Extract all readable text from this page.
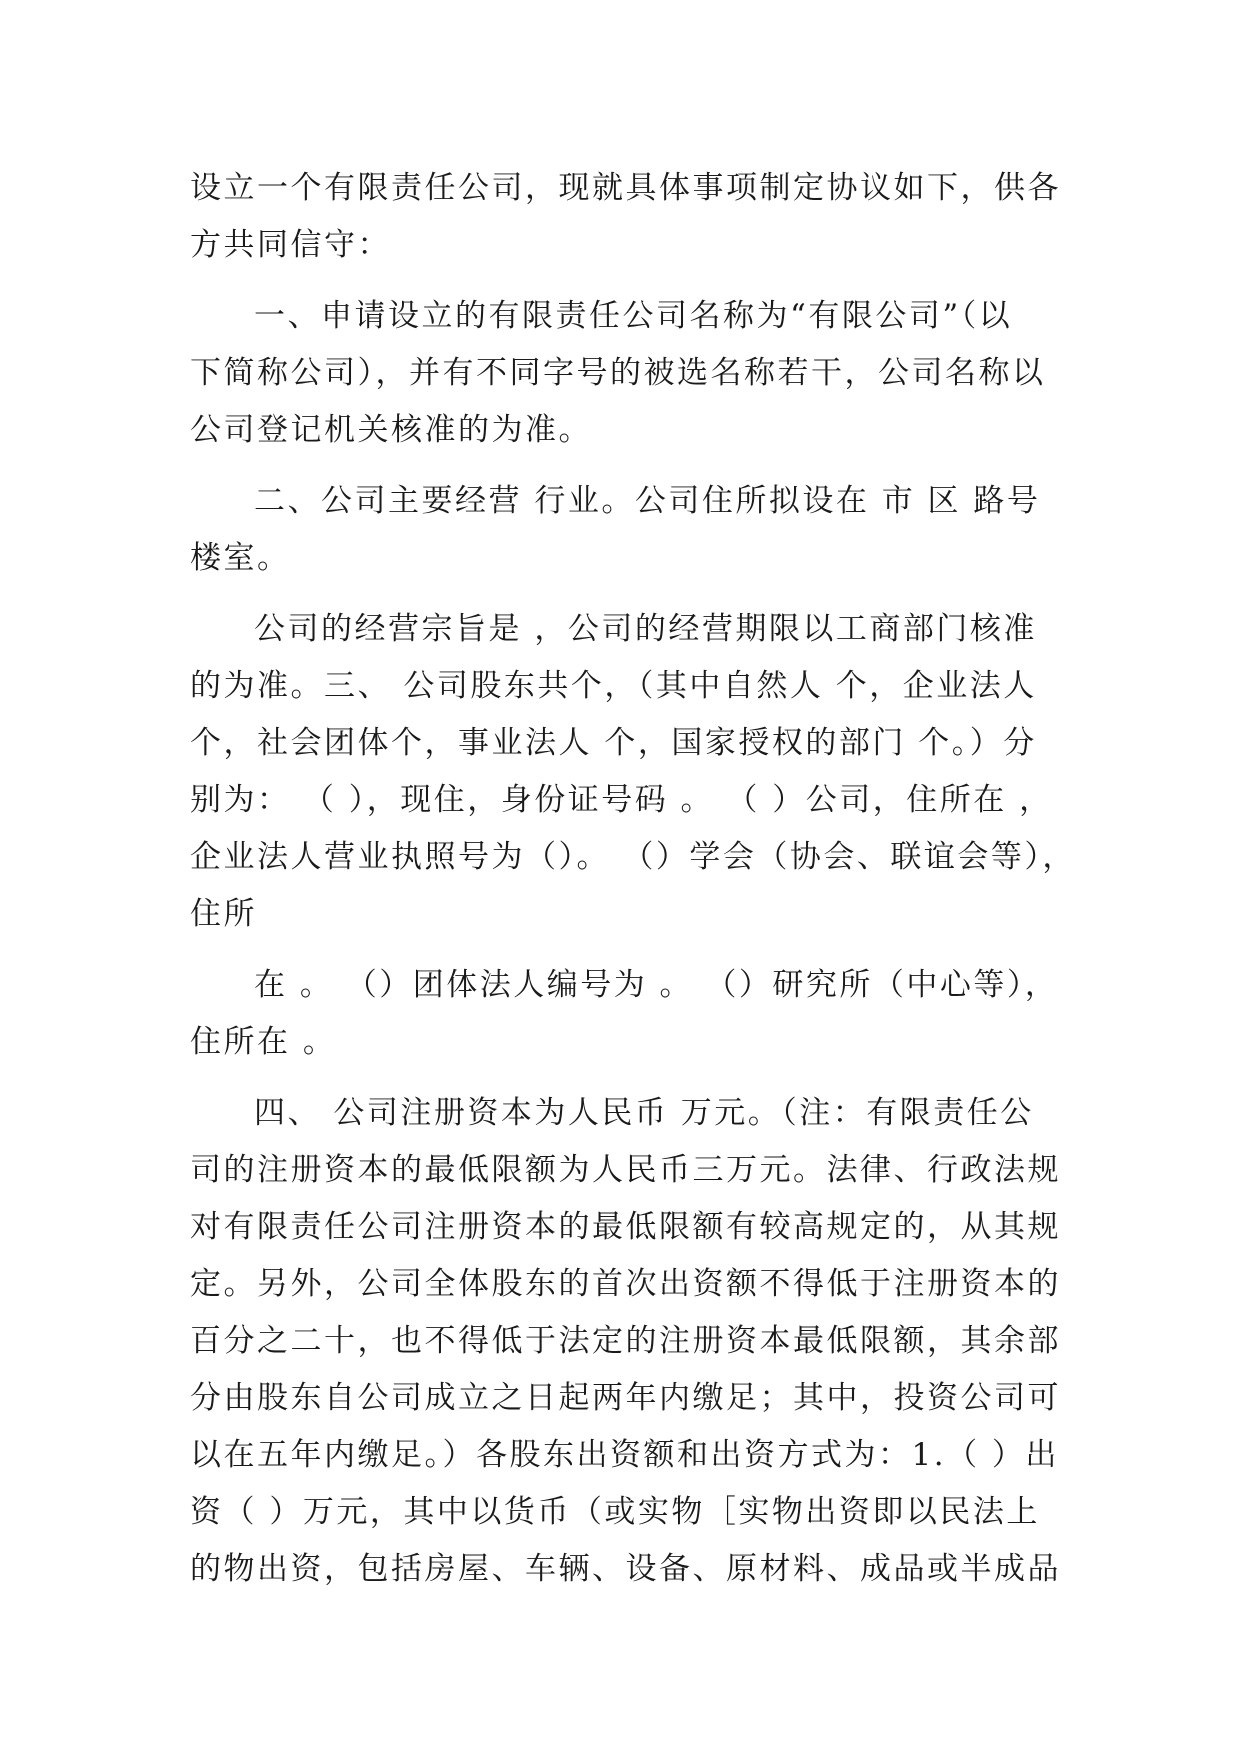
设立一个有限责任公司，现就具体事项制定协议如下，供各
方共同信守：
一、申请设立的有限责任公司名称为“有限公司”（以
下简称公司），并有不同字号的被选名称若干，公司名称以
公司登记机关核准的为准。
二、公司主要经营 行业。公司住所拟设在 市 区 路号
楼室。
公司的经营宗旨是 ，公司的经营期限以工商部门核准
的为准。三、 公司股东共个，（其中自然人 个，企业法人
个，社会团体个，事业法人 个，国家授权的部门 个。）分
别为： （ ），现住，身份证号码 。 （ ）公司，住所在 ，
企业法人营业执照号为（）。 （）学会（协会、联谊会等），
住所
在 。 （）团体法人编号为 。 （）研究所（中心等），
住所在 。
四、 公司注册资本为人民币 万元。（注：有限责任公
司的注册资本的最低限额为人民币三万元。法律、行政法规
对有限责任公司注册资本的最低限额有较高规定的，从其规
定。另外，公司全体股东的首次出资额不得低于注册资本的
百分之二十，也不得低于法定的注册资本最低限额，其余部
分由股东自公司成立之日起两年内缴足；其中，投资公司可
以在五年内缴足。）各股东出资额和出资方式为：1.（ ）出
资（ ）万元，其中以货币（或实物［实物出资即以民法上
的物出资，包括房屋、车辆、设备、原材料、成品或半成品
